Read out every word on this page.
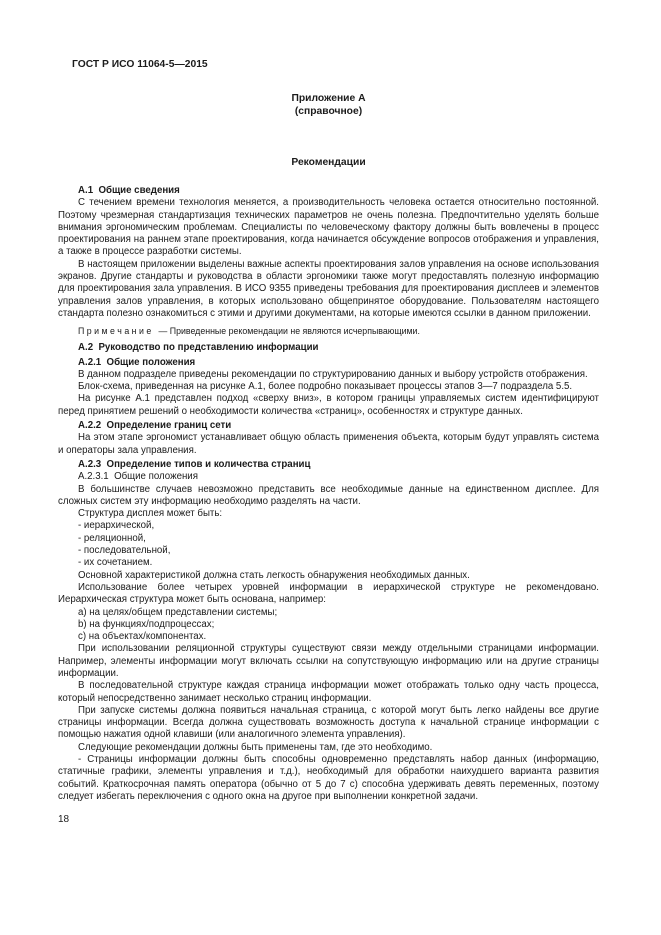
ГОСТ Р ИСО 11064-5—2015

Приложение А
(справочное)

Рекомендации

А.1  Общие сведения

С течением времени технология меняется, а производительность человека остается относительно постоянной. Поэтому чрезмерная стандартизация технических параметров не очень полезна. Предпочтительно уделять больше внимания эргономическим проблемам. Специалисты по человеческому фактору должны быть вовлечены в процесс проектирования на раннем этапе проектирования, когда начинается обсуждение вопросов отображения и управления, а также в процессе разработки системы.

В настоящем приложении выделены важные аспекты проектирования залов управления на основе использования экранов. Другие стандарты и руководства в области эргономики также могут предоставлять полезную информацию для проектирования зала управления. В ИСО 9355 приведены требования для проектирования дисплеев и элементов управления залов управления, в которых использовано общепринятое оборудование. Пользователям настоящего стандарта полезно ознакомиться с этими и другими документами, на которые имеются ссылки в данном приложении.

П р и м е ч а н и е   — Приведенные рекомендации не являются исчерпывающими.

А.2  Руководство по представлению информации

А.2.1  Общие положения

В данном подразделе приведены рекомендации по структурированию данных и выбору устройств отображения.

Блок-схема, приведенная на рисунке А.1, более подробно показывает процессы этапов 3—7 подраздела 5.5.

На рисунке А.1 представлен подход «сверху вниз», в котором границы управляемых систем идентифицируют перед принятием решений о необходимости количества «страниц», особенностях и структуре данных.

А.2.2  Определение границ сети

На этом этапе эргономист устанавливает общую область применения объекта, которым будут управлять система и операторы зала управления.

А.2.3  Определение типов и количества страниц

А.2.3.1  Общие положения

В большинстве случаев невозможно представить все необходимые данные на единственном дисплее. Для сложных систем эту информацию необходимо разделять на части.

Структура дисплея может быть:

- иерархической,

- реляционной,

- последовательной,

- их сочетанием.

Основной характеристикой должна стать легкость обнаружения необходимых данных.

Использование более четырех уровней информации в иерархической структуре не рекомендовано. Иерархическая структура может быть основана, например:

a) на целях/общем представлении системы;

b) на функциях/подпроцессах;

c) на объектах/компонентах.

При использовании реляционной структуры существуют связи между отдельными страницами информации. Например, элементы информации могут включать ссылки на сопутствующую информацию или на другие страницы информации.

В последовательной структуре каждая страница информации может отображать только одну часть процесса, который непосредственно занимает несколько страниц информации.

При запуске системы должна появиться начальная страница, с которой могут быть легко найдены все другие страницы информации. Всегда должна существовать возможность доступа к начальной странице информации с помощью нажатия одной клавиши (или аналогичного элемента управления).

Следующие рекомендации должны быть применены там, где это необходимо.

- Страницы информации должны быть способны одновременно представлять набор данных (информацию, статичные графики, элементы управления и т.д.), необходимый для обработки наихудшего варианта развития событий. Краткосрочная память оператора (обычно от 5 до 7 с) способна удерживать девять переменных, поэтому следует избегать переключения с одного окна на другое при выполнении конкретной задачи.

18
